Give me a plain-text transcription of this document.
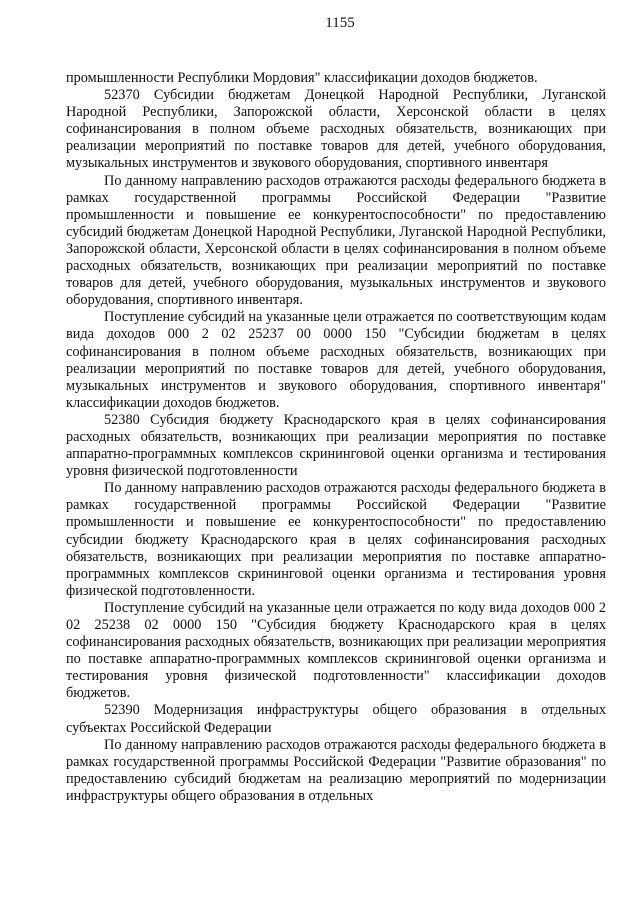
1155

промышленности Республики Мордовия" классификации доходов бюджетов.

52370 Субсидии бюджетам Донецкой Народной Республики, Луганской Народной Республики, Запорожской области, Херсонской области в целях софинансирования в полном объеме расходных обязательств, возникающих при реализации мероприятий по поставке товаров для детей, учебного оборудования, музыкальных инструментов и звукового оборудования, спортивного инвентаря

По данному направлению расходов отражаются расходы федерального бюджета в рамках государственной программы Российской Федерации "Развитие промышленности и повышение ее конкурентоспособности" по предоставлению субсидий бюджетам Донецкой Народной Республики, Луганской Народной Республики, Запорожской области, Херсонской области в целях софинансирования в полном объеме расходных обязательств, возникающих при реализации мероприятий по поставке товаров для детей, учебного оборудования, музыкальных инструментов и звукового оборудования, спортивного инвентаря.

Поступление субсидий на указанные цели отражается по соответствующим кодам вида доходов 000 2 02 25237 00 0000 150 "Субсидии бюджетам в целях софинансирования в полном объеме расходных обязательств, возникающих при реализации мероприятий по поставке товаров для детей, учебного оборудования, музыкальных инструментов и звукового оборудования, спортивного инвентаря" классификации доходов бюджетов.

52380 Субсидия бюджету Краснодарского края в целях софинансирования расходных обязательств, возникающих при реализации мероприятия по поставке аппаратно-программных комплексов скрининговой оценки организма и тестирования уровня физической подготовленности

По данному направлению расходов отражаются расходы федерального бюджета в рамках государственной программы Российской Федерации "Развитие промышленности и повышение ее конкурентоспособности" по предоставлению субсидии бюджету Краснодарского края в целях софинансирования расходных обязательств, возникающих при реализации мероприятия по поставке аппаратно-программных комплексов скрининговой оценки организма и тестирования уровня физической подготовленности.

Поступление субсидий на указанные цели отражается по коду вида доходов 000 2 02 25238 02 0000 150 "Субсидия бюджету Краснодарского края в целях софинансирования расходных обязательств, возникающих при реализации мероприятия по поставке аппаратно-программных комплексов скрининговой оценки организма и тестирования уровня физической подготовленности" классификации доходов бюджетов.

52390 Модернизация инфраструктуры общего образования в отдельных субъектах Российской Федерации

По данному направлению расходов отражаются расходы федерального бюджета в рамках государственной программы Российской Федерации "Развитие образования" по предоставлению субсидий бюджетам на реализацию мероприятий по модернизации инфраструктуры общего образования в отдельных
